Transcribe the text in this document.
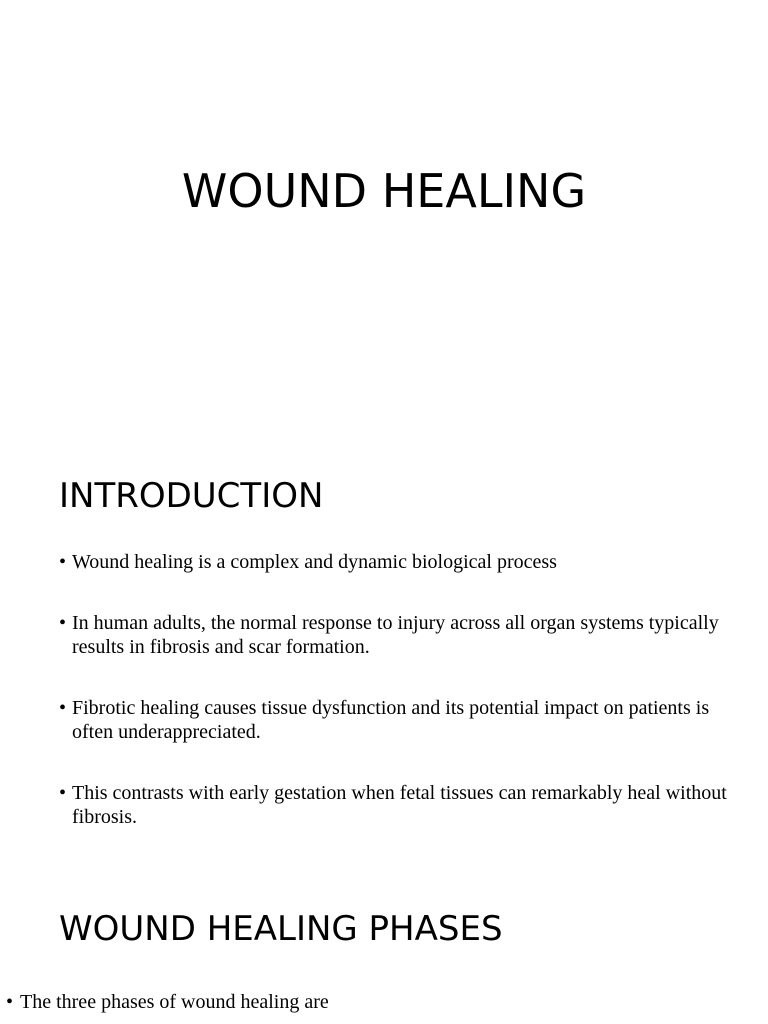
WOUND HEALING
INTRODUCTION
• Wound healing is a complex and dynamic biological process
• In human adults, the normal response to injury across all organ systems typically results in fibrosis and scar formation.
• Fibrotic healing causes tissue dysfunction and its potential impact on patients is often underappreciated.
• This contrasts with early gestation when fetal tissues can remarkably heal without fibrosis.
WOUND HEALING PHASES
• The three phases of wound healing are
